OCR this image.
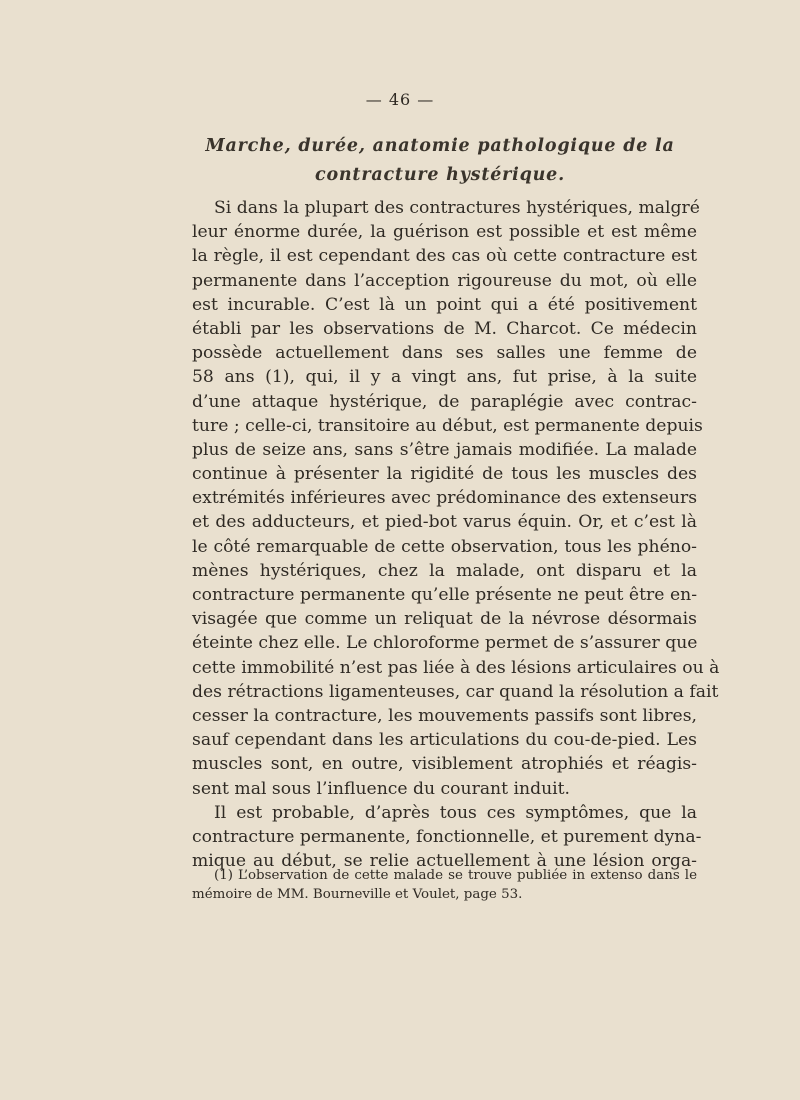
— 46 —
Marche, durée, anatomie pathologique de la
contracture hystérique.
Si dans la plupart des contractures hystériques, malgré
leur énorme durée, la guérison est possible et est même
la règle, il est cependant des cas où cette contracture est
permanente dans l’acception rigoureuse du mot, où elle
est incurable. C’est là un point qui a été positivement
établi par les observations de M. Charcot. Ce médecin
possède actuellement dans ses salles une femme de
58 ans (1), qui, il y a vingt ans, fut prise, à la suite
d’une attaque hystérique, de paraplégie avec contrac-
ture ; celle-ci, transitoire au début, est permanente depuis
plus de seize ans, sans s’être jamais modifiée. La malade
continue à présenter la rigidité de tous les muscles des
extrémités inférieures avec prédominance des extenseurs
et des adducteurs, et pied-bot varus équin. Or, et c’est là
le côté remarquable de cette observation, tous les phéno-
mènes hystériques, chez la malade, ont disparu et la
contracture permanente qu’elle présente ne peut être en-
visagée que comme un reliquat de la névrose désormais
éteinte chez elle. Le chloroforme permet de s’assurer que
cette immobilité n’est pas liée à des lésions articulaires ou à
des rétractions ligamenteuses, car quand la résolution a fait
cesser la contracture, les mouvements passifs sont libres,
sauf cependant dans les articulations du cou-de-pied. Les
muscles sont, en outre, visiblement atrophiés et réagis-
sent mal sous l’influence du courant induit.
Il est probable, d’après tous ces symptômes, que la
contracture permanente, fonctionnelle, et purement dyna-
mique au début, se relie actuellement à une lésion orga-
(1) L’observation de cette malade se trouve publiée in extenso dans le
mémoire de MM. Bourneville et Voulet, page 53.
